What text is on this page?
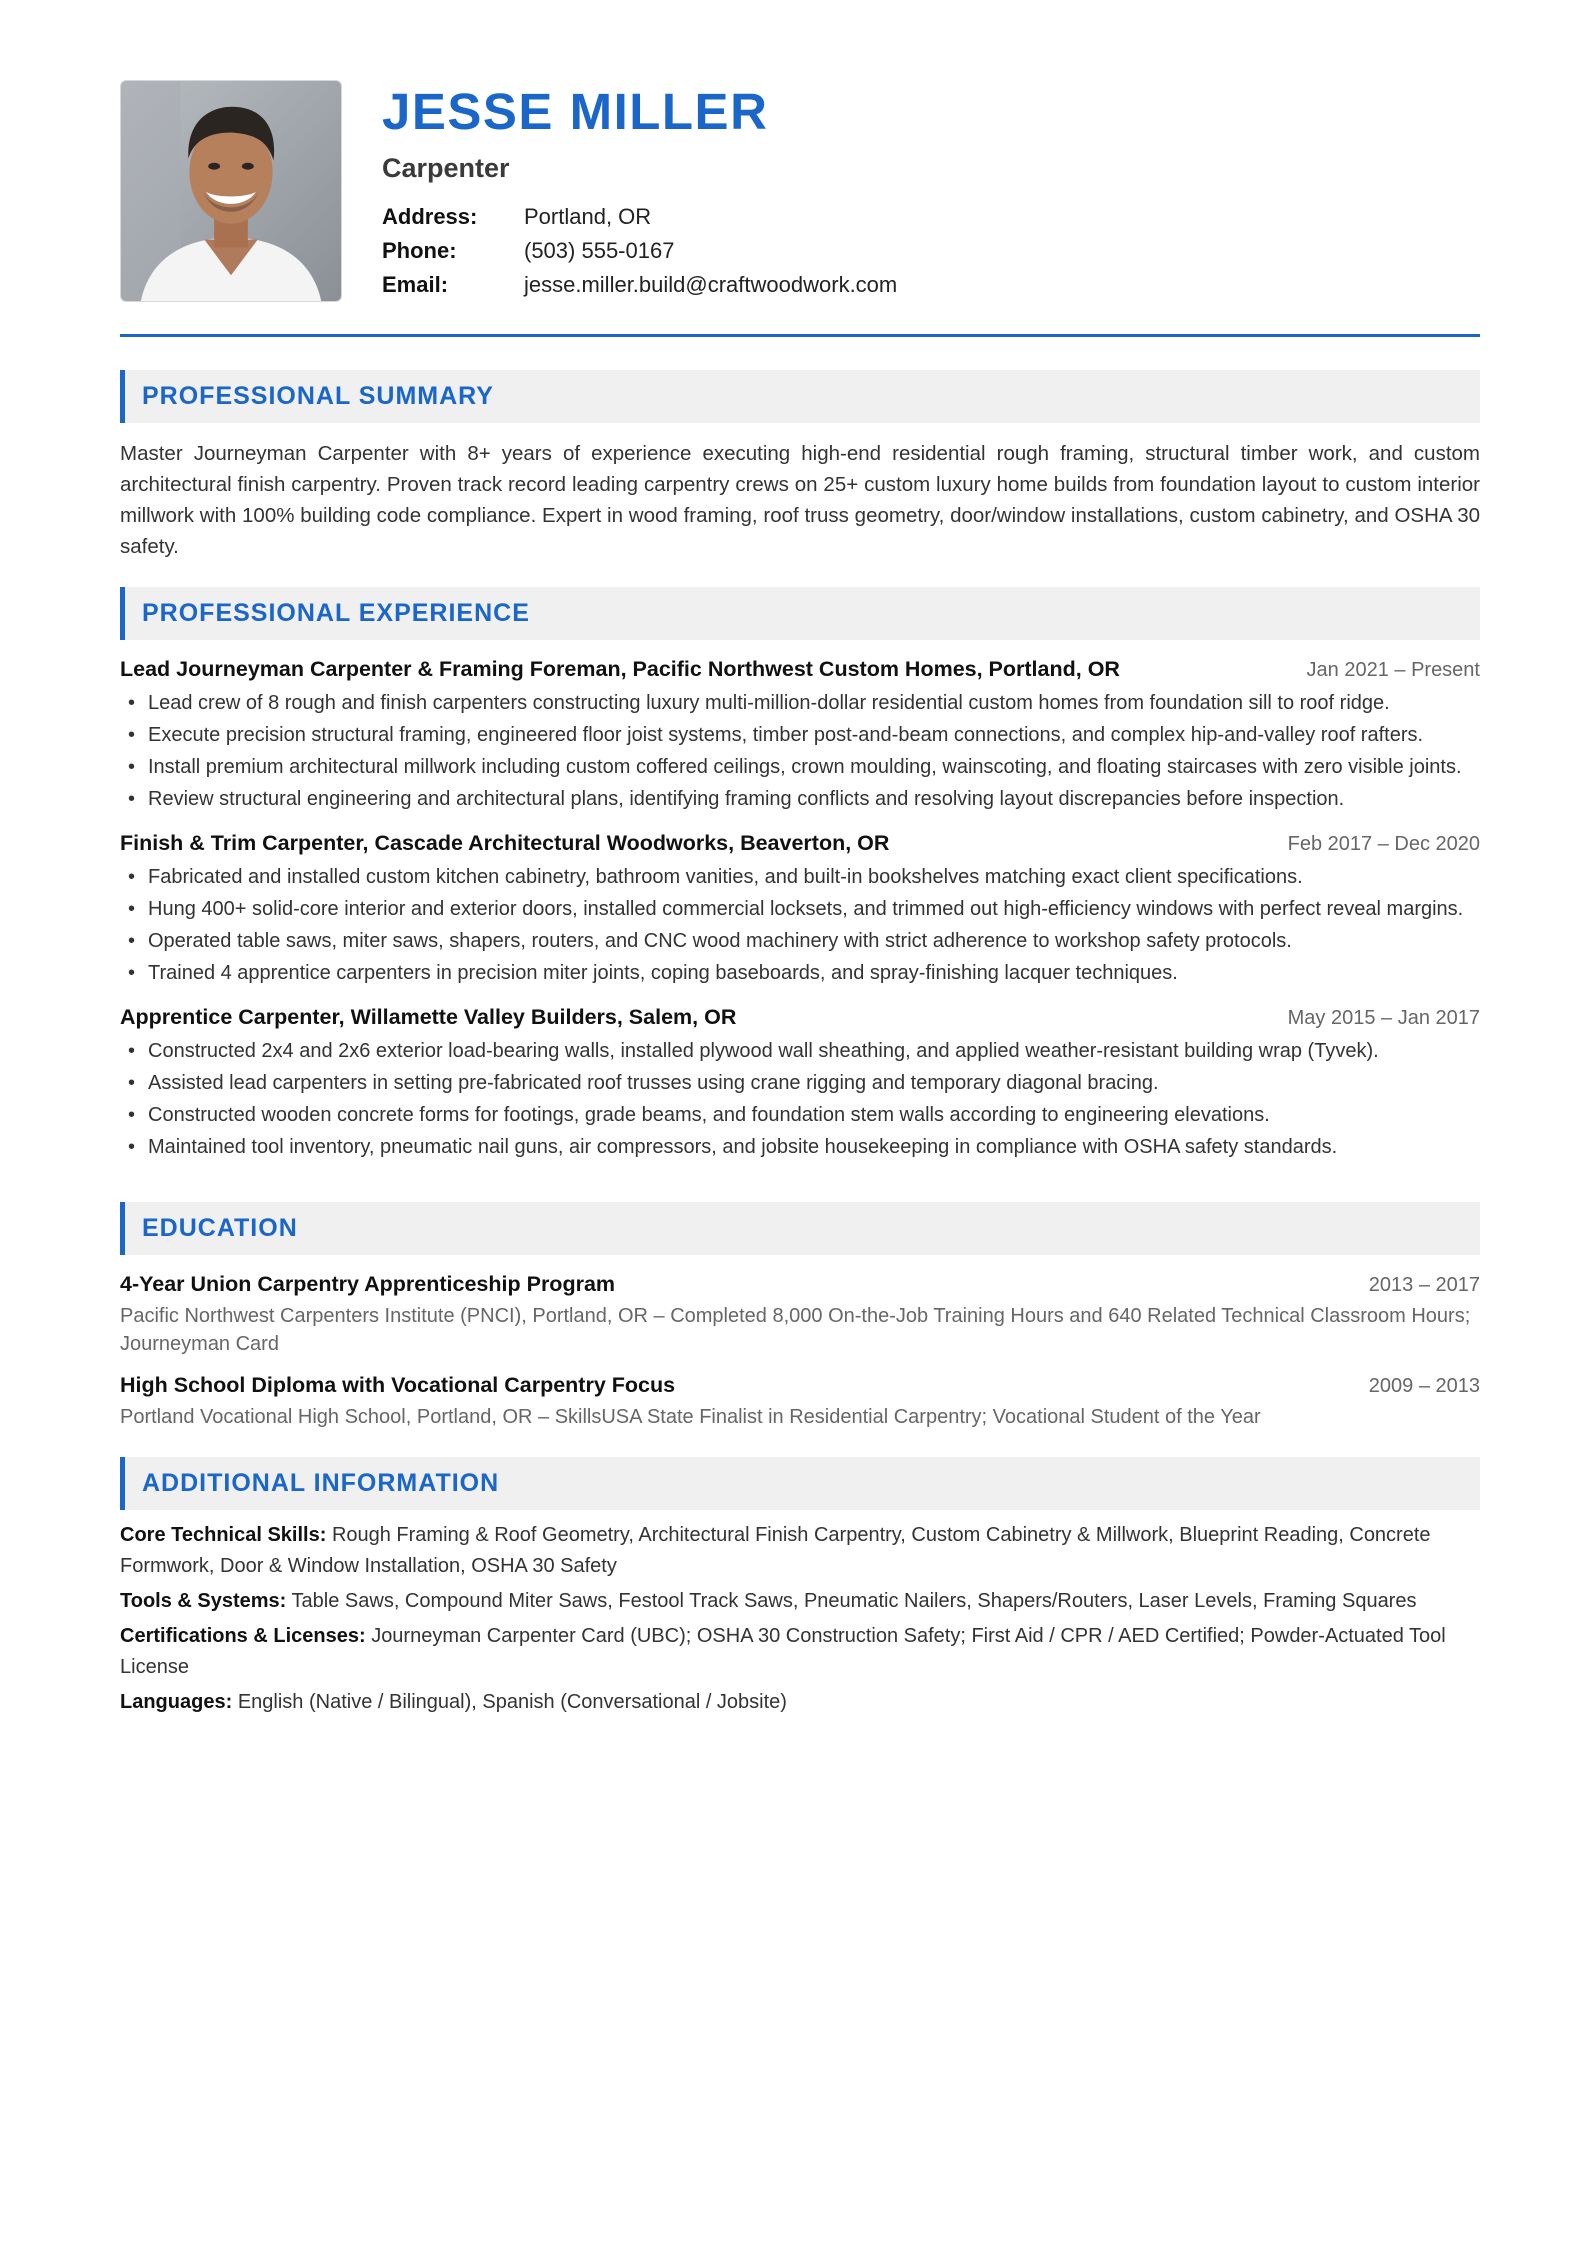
JESSE MILLER
Carpenter
Address:	Portland, OR
Phone:	(503) 555-0167
Email:	jesse.miller.build@craftwoodwork.com
PROFESSIONAL SUMMARY

Master Journeyman Carpenter with 8+ years of experience executing high-end residential rough framing, structural timber work, and custom architectural finish carpentry. Proven track record leading carpentry crews on 25+ custom luxury home builds from foundation layout to custom interior millwork with 100% building code compliance. Expert in wood framing, roof truss geometry, door/window installations, custom cabinetry, and OSHA 30 safety.

PROFESSIONAL EXPERIENCE
Lead Journeyman Carpenter & Framing Foreman, Pacific Northwest Custom Homes, Portland, OR	Jan 2021 – Present
• Lead crew of 8 rough and finish carpenters constructing luxury multi-million-dollar residential custom homes from foundation sill to roof ridge.
• Execute precision structural framing, engineered floor joist systems, timber post-and-beam connections, and complex hip-and-valley roof rafters.
• Install premium architectural millwork including custom coffered ceilings, crown moulding, wainscoting, and floating staircases with zero visible joints.
• Review structural engineering and architectural plans, identifying framing conflicts and resolving layout discrepancies before inspection.
Finish & Trim Carpenter, Cascade Architectural Woodworks, Beaverton, OR	Feb 2017 – Dec 2020
• Fabricated and installed custom kitchen cabinetry, bathroom vanities, and built-in bookshelves matching exact client specifications.
• Hung 400+ solid-core interior and exterior doors, installed commercial locksets, and trimmed out high-efficiency windows with perfect reveal margins.
• Operated table saws, miter saws, shapers, routers, and CNC wood machinery with strict adherence to workshop safety protocols.
• Trained 4 apprentice carpenters in precision miter joints, coping baseboards, and spray-finishing lacquer techniques.
Apprentice Carpenter, Willamette Valley Builders, Salem, OR	May 2015 – Jan 2017
• Constructed 2x4 and 2x6 exterior load-bearing walls, installed plywood wall sheathing, and applied weather-resistant building wrap (Tyvek).
• Assisted lead carpenters in setting pre-fabricated roof trusses using crane rigging and temporary diagonal bracing.
• Constructed wooden concrete forms for footings, grade beams, and foundation stem walls according to engineering elevations.
• Maintained tool inventory, pneumatic nail guns, air compressors, and jobsite housekeeping in compliance with OSHA safety standards.
EDUCATION
4-Year Union Carpentry Apprenticeship Program	2013 – 2017
Pacific Northwest Carpenters Institute (PNCI), Portland, OR – Completed 8,000 On-the-Job Training Hours and 640 Related Technical Classroom Hours; Journeyman Card
High School Diploma with Vocational Carpentry Focus	2009 – 2013
Portland Vocational High School, Portland, OR – SkillsUSA State Finalist in Residential Carpentry; Vocational Student of the Year
ADDITIONAL INFORMATION
Core Technical Skills: Rough Framing & Roof Geometry, Architectural Finish Carpentry, Custom Cabinetry & Millwork, Blueprint Reading, Concrete Formwork, Door & Window Installation, OSHA 30 Safety
Tools & Systems: Table Saws, Compound Miter Saws, Festool Track Saws, Pneumatic Nailers, Shapers/Routers, Laser Levels, Framing Squares
Certifications & Licenses: Journeyman Carpenter Card (UBC); OSHA 30 Construction Safety; First Aid / CPR / AED Certified; Powder-Actuated Tool License
Languages: English (Native / Bilingual), Spanish (Conversational / Jobsite)
